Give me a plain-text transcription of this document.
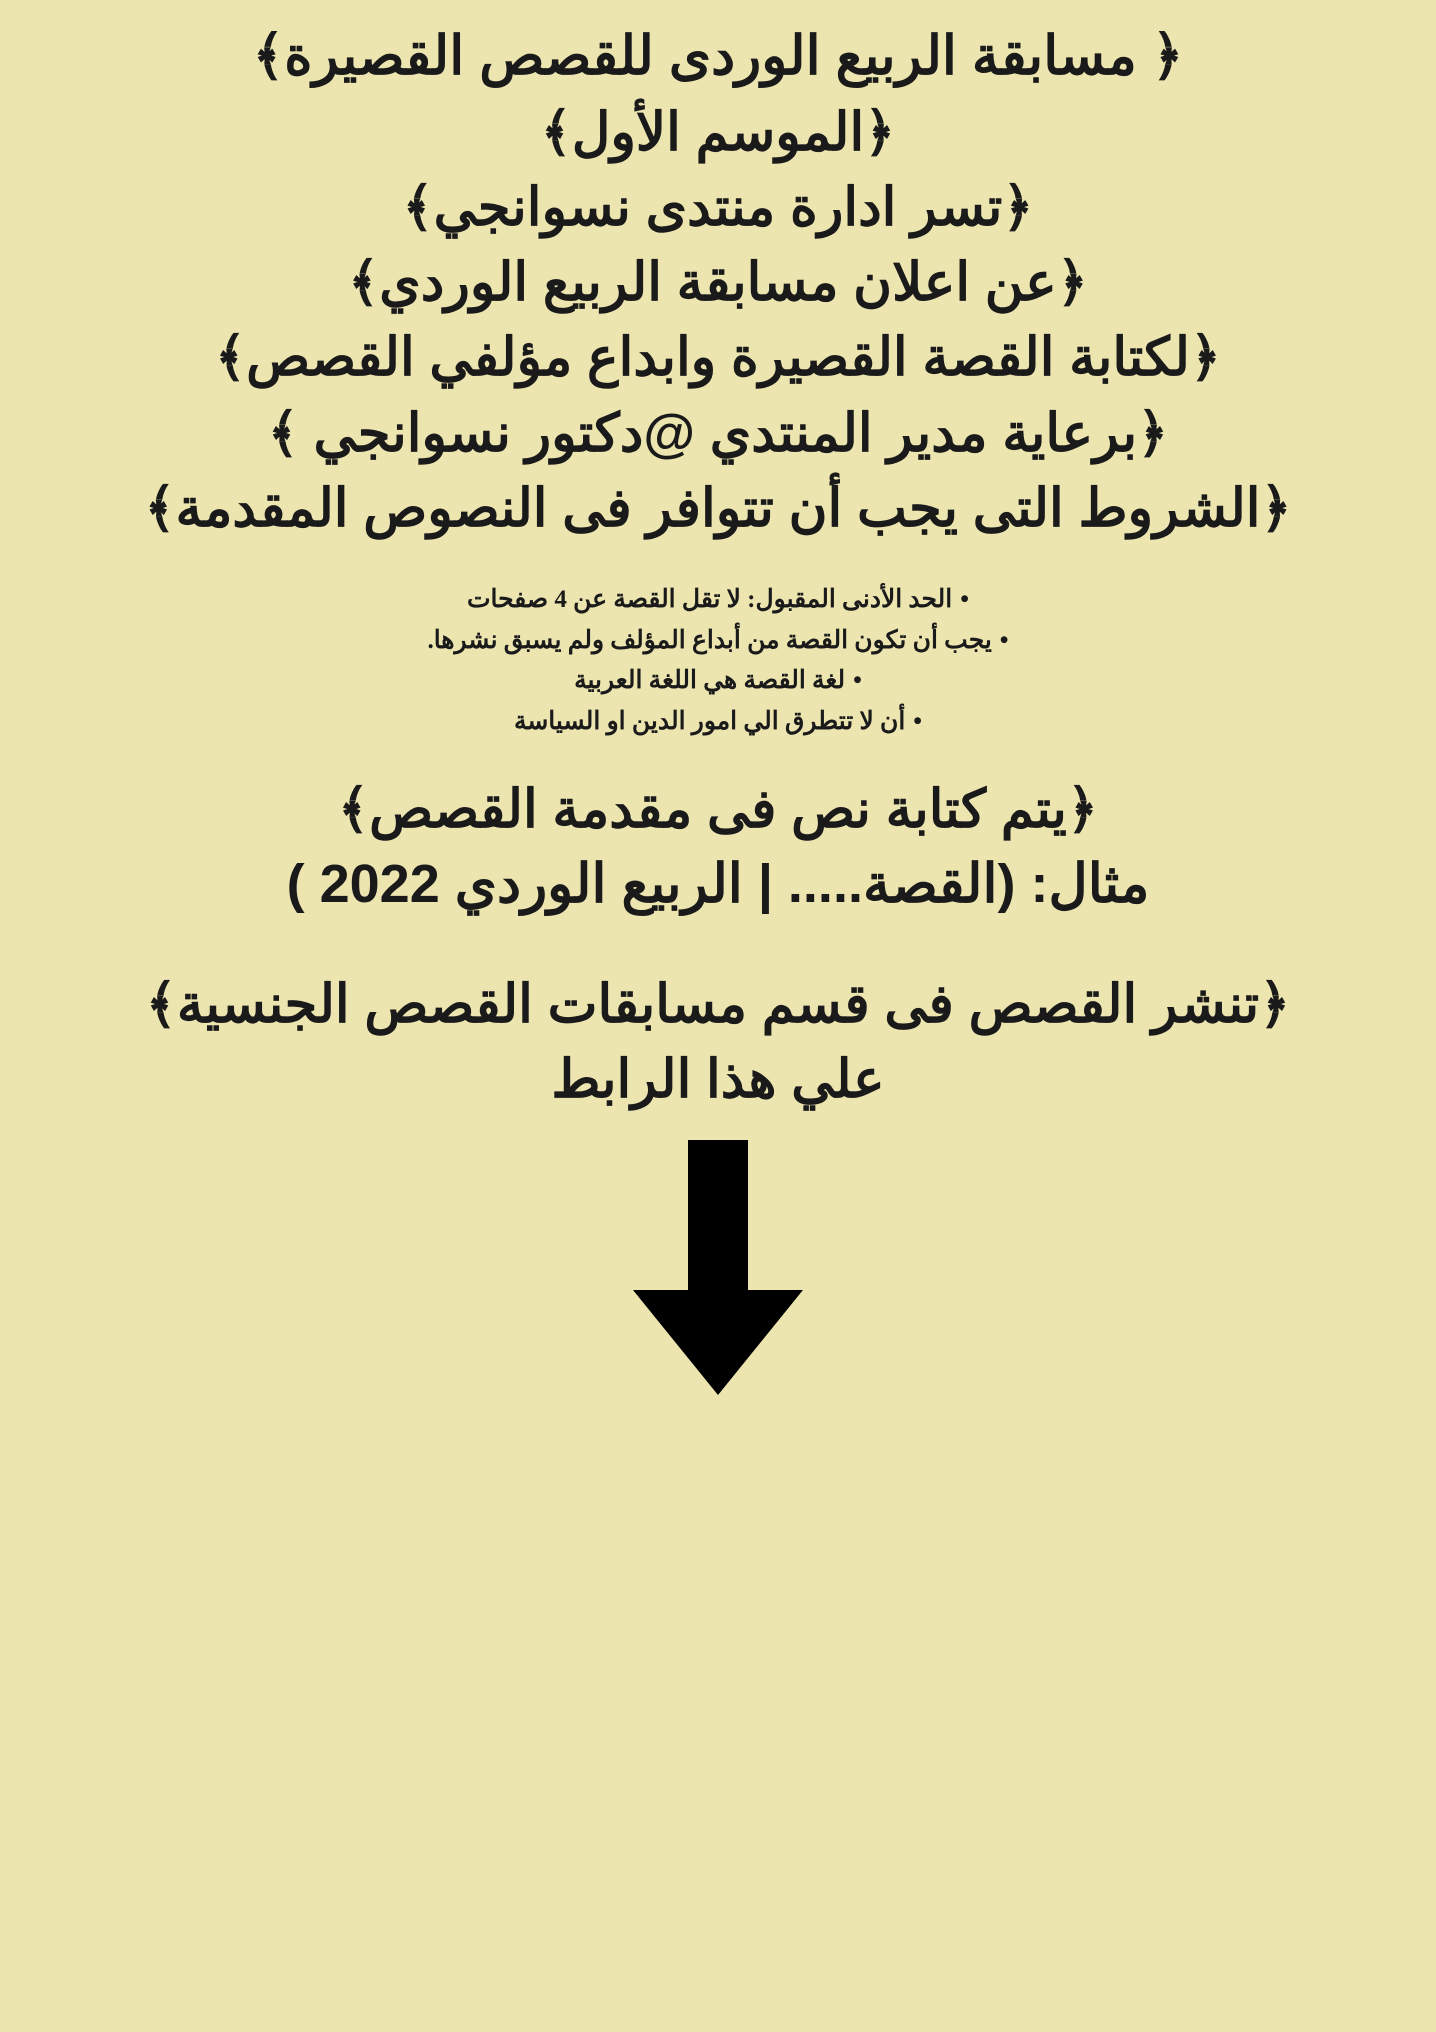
﴿ مسابقة الربيع الوردى للقصص القصيرة﴾
﴿الموسم الأول﴾
﴿تسر ادارة منتدى نسوانجي﴾
﴿عن اعلان مسابقة الربيع الوردي﴾
﴿لكتابة القصة القصيرة وابداع مؤلفي القصص﴾
﴿برعاية مدير المنتدي @دكتور نسوانجي ﴾
﴿الشروط التى يجب أن تتوافر فى النصوص المقدمة﴾
• الحد الأدنى المقبول: لا تقل القصة عن 4 صفحات
• يجب أن تكون القصة من أبداع المؤلف ولم يسبق نشرها.
• لغة القصة هي اللغة العربية
• أن لا تتطرق الي امور الدين او السياسة
﴿يتم كتابة نص فى مقدمة القصص﴾
مثال: (القصة..... | الربيع الوردي 2022 )
﴿تنشر القصص فى قسم مسابقات القصص الجنسية﴾
علي هذا الرابط
